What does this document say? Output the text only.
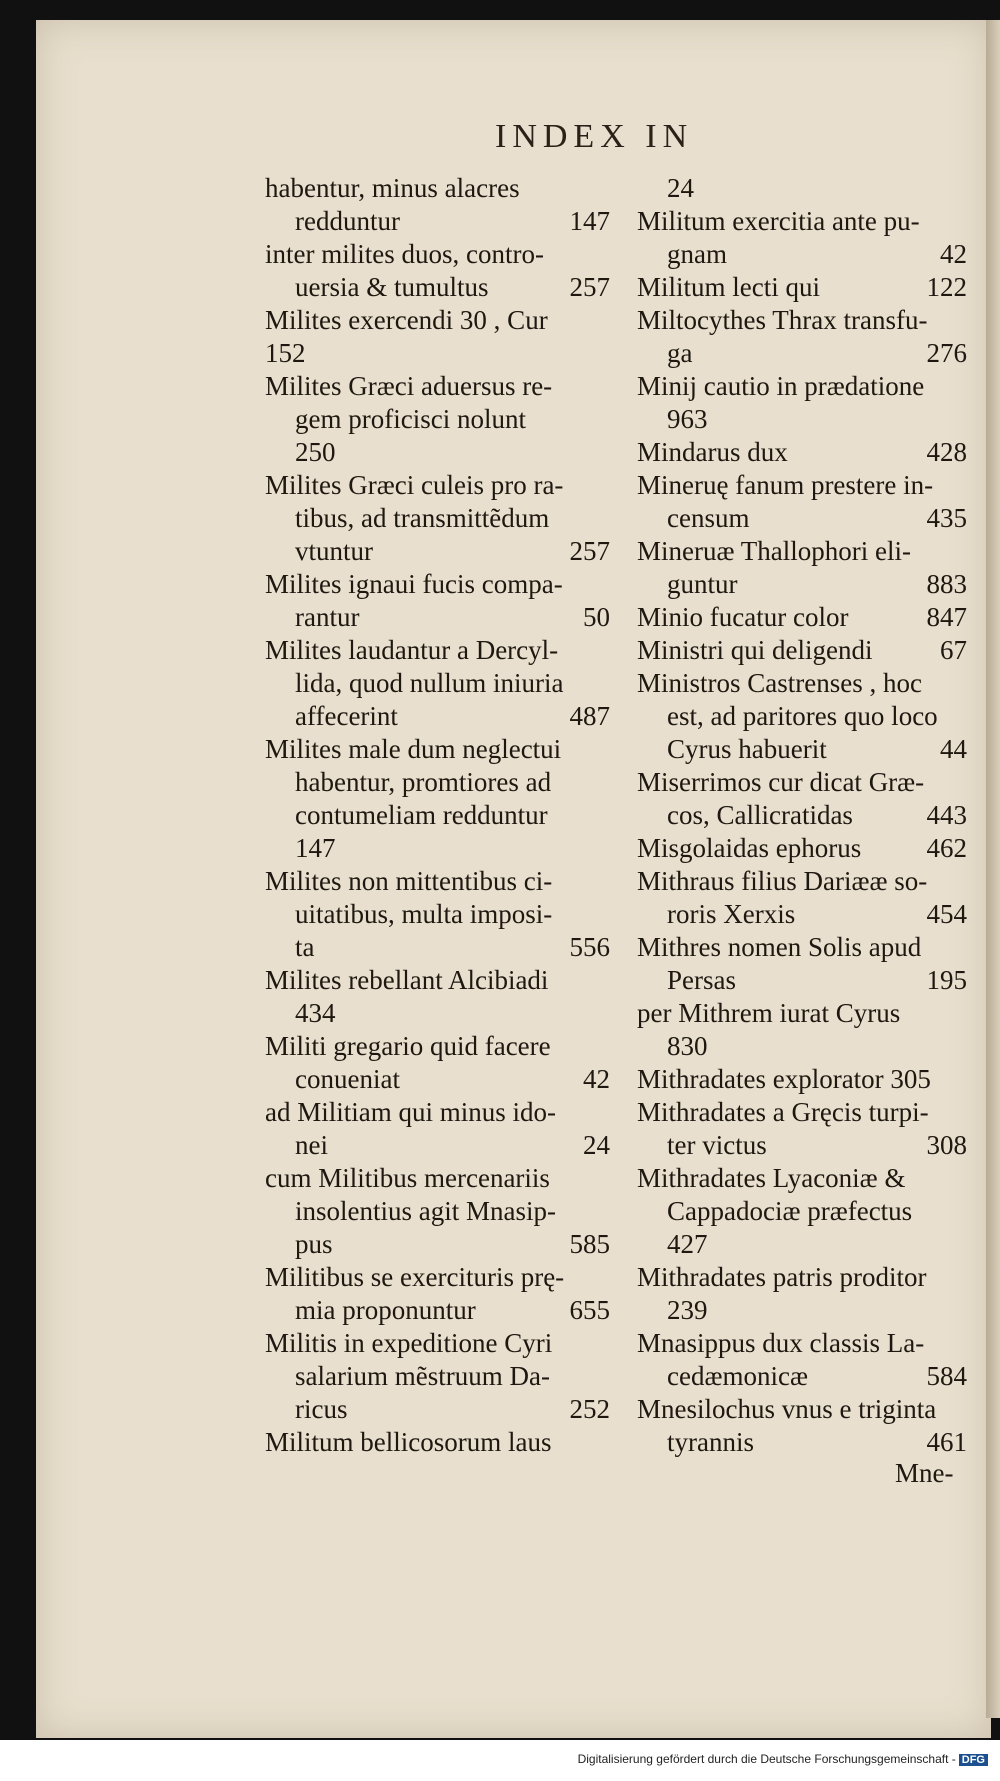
INDEX IN
habentur, minus alacres
redduntur	147
inter milites duos, contro-
uersia & tumultus	257
Milites exercendi 30 , Cur
152
Milites Græci aduersus re-
gem proficisci nolunt
250
Milites Græci culeis pro ra-
tibus, ad transmittẽdum
vtuntur	257
Milites ignaui fucis compa-
rantur	50
Milites laudantur a Dercyl-
lida, quod nullum iniuria
affecerint	487
Milites male dum neglectui
habentur, promtiores ad
contumeliam redduntur
147
Milites non mittentibus ci-
uitatibus, multa imposi-
ta	556
Milites rebellant Alcibiadi
434
Militi gregario quid facere
conueniat	42
ad Militiam qui minus ido-
nei	24
cum Militibus mercenariis
insolentius agit Mnasip-
pus	585
Militibus se exercituris prę-
mia proponuntur	655
Militis in expeditione Cyri
salarium mẽstruum Da-
ricus	252
Militum bellicosorum laus
24
Militum exercitia ante pu-
gnam	42
Militum lecti qui	122
Miltocythes Thrax transfu-
ga	276
Minij cautio in prædatione
963
Mindarus dux	428
Mineruę fanum prestere in-
censum	435
Mineruæ Thallophori eli-
guntur	883
Minio fucatur color	847
Ministri qui deligendi	67
Ministros Castrenses , hoc
est, ad paritores quo loco
Cyrus habuerit	44
Miserrimos cur dicat Græ-
cos, Callicratidas	443
Misgolaidas ephorus 462
Mithraus filius Dariææ so-
roris Xerxis	454
Mithres nomen Solis apud
Persas	195
per Mithrem iurat Cyrus
830
Mithradates explorator 305
Mithradates a Gręcis turpi-
ter victus	308
Mithradates Lyaconiæ &
Cappadociæ præfectus
427
Mithradates patris proditor
239
Mnasippus dux classis La-
cedæmonicæ	584
Mnesilochus vnus e triginta
tyrannis	461
Mne-
Digitalisierung gefördert durch die Deutsche Forschungsgemeinschaft - DFG
